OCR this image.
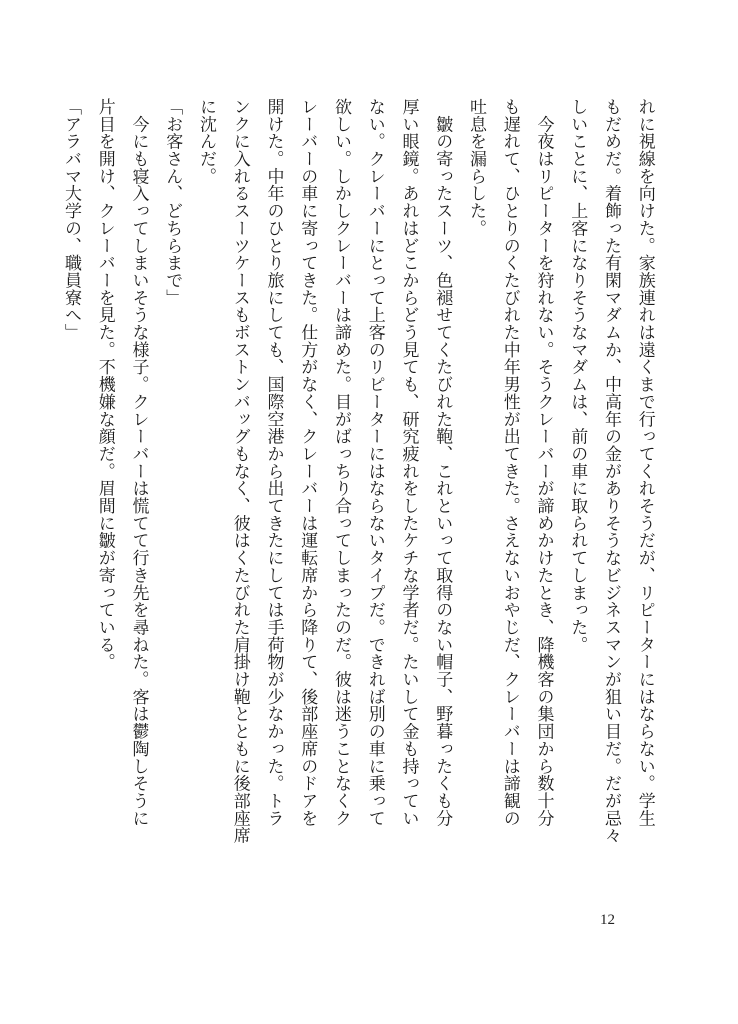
れに視線を向けた。家族連れは遠くまで行ってくれそうだが、リピーターにはならない。学生
もだめだ。着飾った有閑マダムか、中高年の金がありそうなビジネスマンが狙い目だ。だが忌々
しいことに、上客になりそうなマダムは、前の車に取られてしまった。
　今夜はリピーターを狩れない。そうクレーバーが諦めかけたとき、降機客の集団から数十分
も遅れて、ひとりのくたびれた中年男性が出てきた。さえないおやじだ、クレーバーは諦観の
吐息を漏らした。
　皺の寄ったスーツ、色褪せてくたびれた鞄、これといって取得のない帽子、野暮ったくも分
厚い眼鏡。あれはどこからどう見ても、研究疲れをしたケチな学者だ。たいして金も持ってい
ない。クレーバーにとって上客のリピーターにはならないタイプだ。できれば別の車に乗って
欲しい。しかしクレーバーは諦めた。目がばっちり合ってしまったのだ。彼は迷うことなくク
レーバーの車に寄ってきた。仕方がなく、クレーバーは運転席から降りて、後部座席のドアを
開けた。中年のひとり旅にしても、国際空港から出てきたにしては手荷物が少なかった。トラ
ンクに入れるスーツケースもボストンバッグもなく、彼はくたびれた肩掛け鞄とともに後部座席
に沈んだ。
「お客さん、どちらまで」
　今にも寝入ってしまいそうな様子。クレーバーは慌てて行き先を尋ねた。客は鬱陶しそうに
片目を開け、クレーバーを見た。不機嫌な顔だ。眉間に皺が寄っている。
「アラバマ大学の、職員寮へ」
12
